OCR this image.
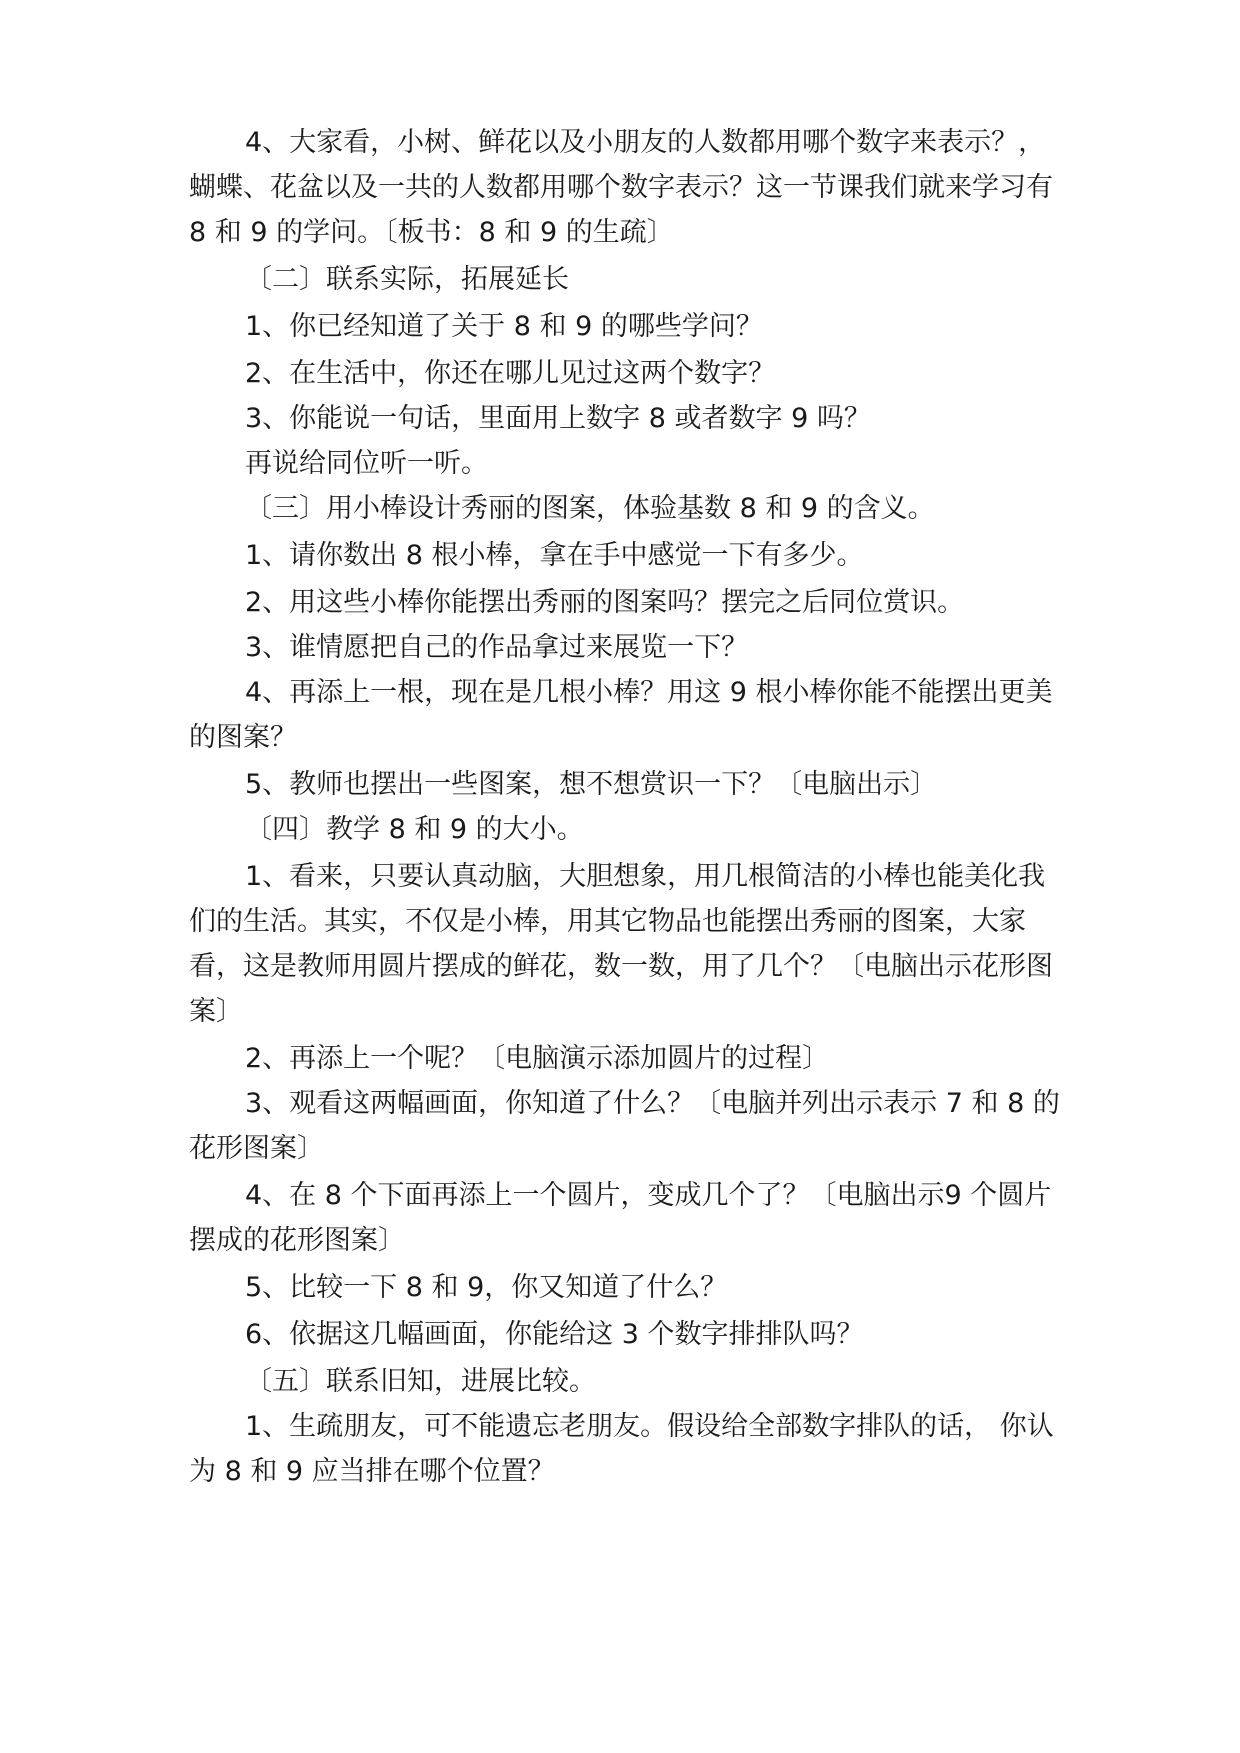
4、大家看，小树、鲜花以及小朋友的人数都用哪个数字来表示？，蝴蝶、花盆以及一共的人数都用哪个数字表示？这一节课我们就来学习有 8 和 9 的学问。〔板书：8 和 9 的生疏〕

〔二〕联系实际，拓展延长

1、你已经知道了关于 8 和 9 的哪些学问？

2、在生活中，你还在哪儿见过这两个数字？

3、你能说一句话，里面用上数字 8 或者数字 9 吗？

再说给同位听一听。

〔三〕用小棒设计秀丽的图案，体验基数 8 和 9 的含义。

1、请你数出 8 根小棒，拿在手中感觉一下有多少。

2、用这些小棒你能摆出秀丽的图案吗？摆完之后同位赏识。

3、谁情愿把自己的作品拿过来展览一下？

4、再添上一根，现在是几根小棒？用这 9 根小棒你能不能摆出更美的图案？

5、教师也摆出一些图案，想不想赏识一下？〔电脑出示〕

〔四〕教学 8 和 9 的大小。

1、看来，只要认真动脑，大胆想象，用几根简洁的小棒也能美化我们的生活。其实，不仅是小棒，用其它物品也能摆出秀丽的图案，大家看，这是教师用圆片摆成的鲜花，数一数，用了几个？〔电脑出示花形图案〕

2、再添上一个呢？〔电脑演示添加圆片的过程〕

3、观看这两幅画面，你知道了什么？〔电脑并列出示表示 7 和 8 的花形图案〕

4、在 8 个下面再添上一个圆片，变成几个了？〔电脑出示9 个圆片摆成的花形图案〕

5、比较一下 8 和 9，你又知道了什么？

6、依据这几幅画面，你能给这 3 个数字排排队吗？

〔五〕联系旧知，进展比较。

1、生疏朋友，可不能遗忘老朋友。假设给全部数字排队的话， 你认为 8 和 9 应当排在哪个位置？
